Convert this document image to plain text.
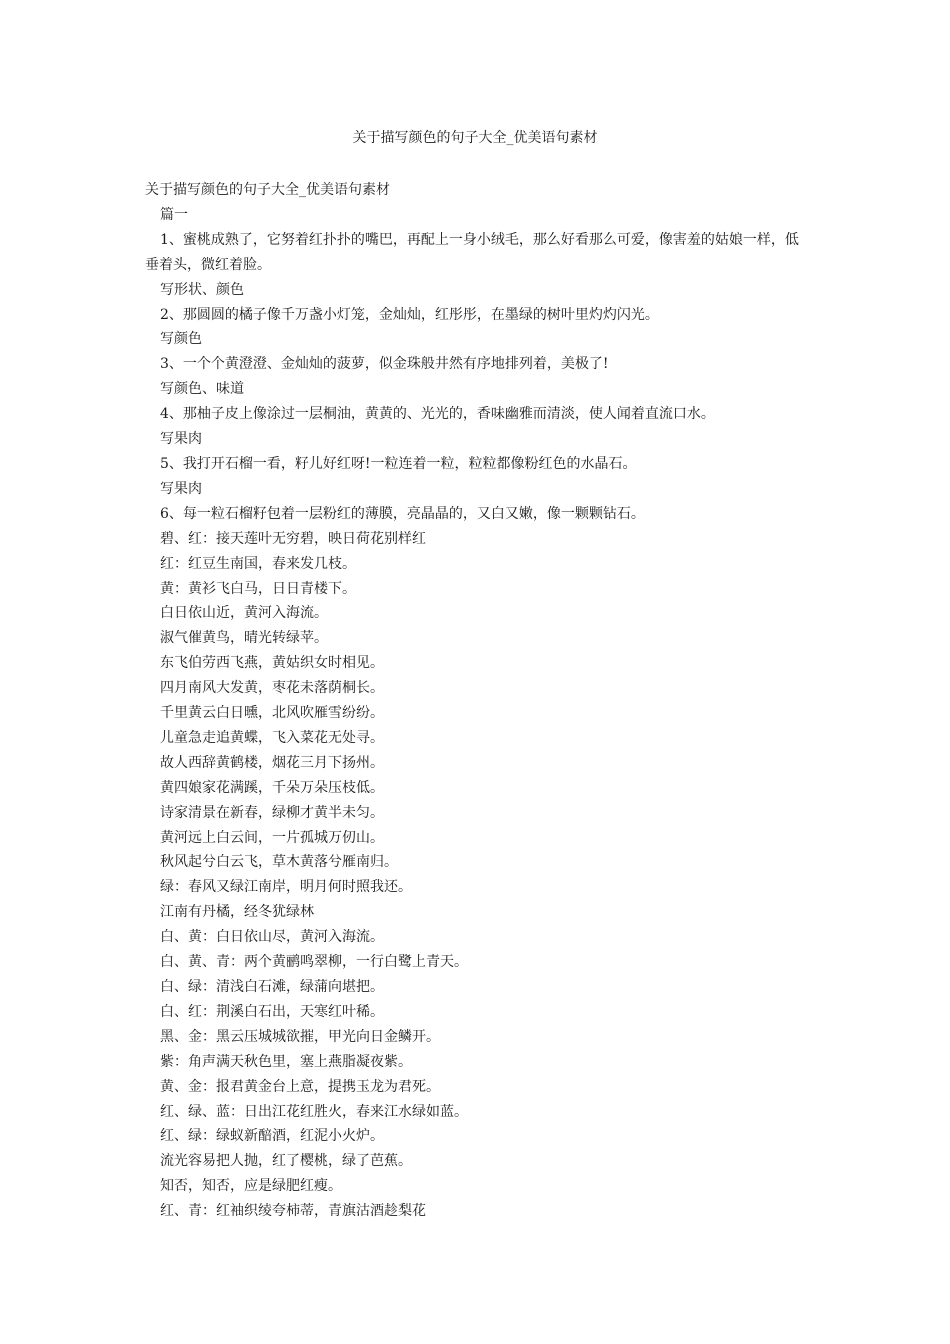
关于描写颜色的句子大全_优美语句素材

关于描写颜色的句子大全_优美语句素材

篇一

1、蜜桃成熟了，它努着红扑扑的嘴巴，再配上一身小绒毛，那么好看那么可爱，像害羞的姑娘一样，低垂着头，微红着脸。

写形状、颜色

2、那圆圆的橘子像千万盏小灯笼，金灿灿，红彤彤，在墨绿的树叶里灼灼闪光。

写颜色

3、一个个黄澄澄、金灿灿的菠萝，似金珠般井然有序地排列着，美极了!

写颜色、味道

4、那柚子皮上像涂过一层桐油，黄黄的、光光的，香味幽雅而清淡，使人闻着直流口水。

写果肉

5、我打开石榴一看，籽儿好红呀!一粒连着一粒，粒粒都像粉红色的水晶石。

写果肉

6、每一粒石榴籽包着一层粉红的薄膜，亮晶晶的，又白又嫩，像一颗颗钻石。

碧、红：接天莲叶无穷碧，映日荷花别样红

红：红豆生南国，春来发几枝。

黄：黄衫飞白马，日日青楼下。

白日依山近，黄河入海流。

淑气催黄鸟，晴光转绿苹。

东飞伯劳西飞燕，黄姑织女时相见。

四月南风大发黄，枣花未落荫桐长。

千里黄云白日曛，北风吹雁雪纷纷。

儿童急走追黄蝶，飞入菜花无处寻。

故人西辞黄鹤楼，烟花三月下扬州。

黄四娘家花满蹊，千朵万朵压枝低。

诗家清景在新春，绿柳才黄半未匀。

黄河远上白云间，一片孤城万仞山。

秋风起兮白云飞，草木黄落兮雁南归。

绿：春风又绿江南岸，明月何时照我还。

江南有丹橘，经冬犹绿林

白、黄：白日依山尽，黄河入海流。

白、黄、青：两个黄鹂鸣翠柳，一行白鹭上青天。

白、绿：清浅白石滩，绿蒲向堪把。

白、红：荆溪白石出，天寒红叶稀。

黑、金：黑云压城城欲摧，甲光向日金鳞开。

紫：角声满天秋色里，塞上燕脂凝夜紫。

黄、金：报君黄金台上意，提携玉龙为君死。

红、绿、蓝：日出江花红胜火，春来江水绿如蓝。

红、绿：绿蚁新醅酒，红泥小火炉。

流光容易把人抛，红了樱桃，绿了芭蕉。

知否，知否，应是绿肥红瘦。

红、青：红袖织绫夸柿蒂，青旗沽酒趁梨花
